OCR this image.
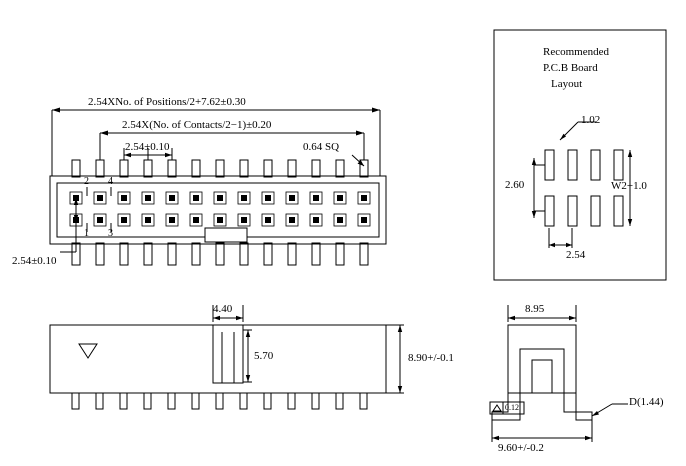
2.54XNo. of Positions/2+7.62±0.30
2.54X(No. of Contacts/2−1)±0.20
2.54±0.10	0.64 SQ
2.54±0.10
2 4
1 3
Recommended
P.C.B Board
Layout
1.02
2.60
2.54
W2+1.0
4.40
5.70	8.90+/-0.1
8.95
9.60+/-0.2
D(1.44)
0.12
